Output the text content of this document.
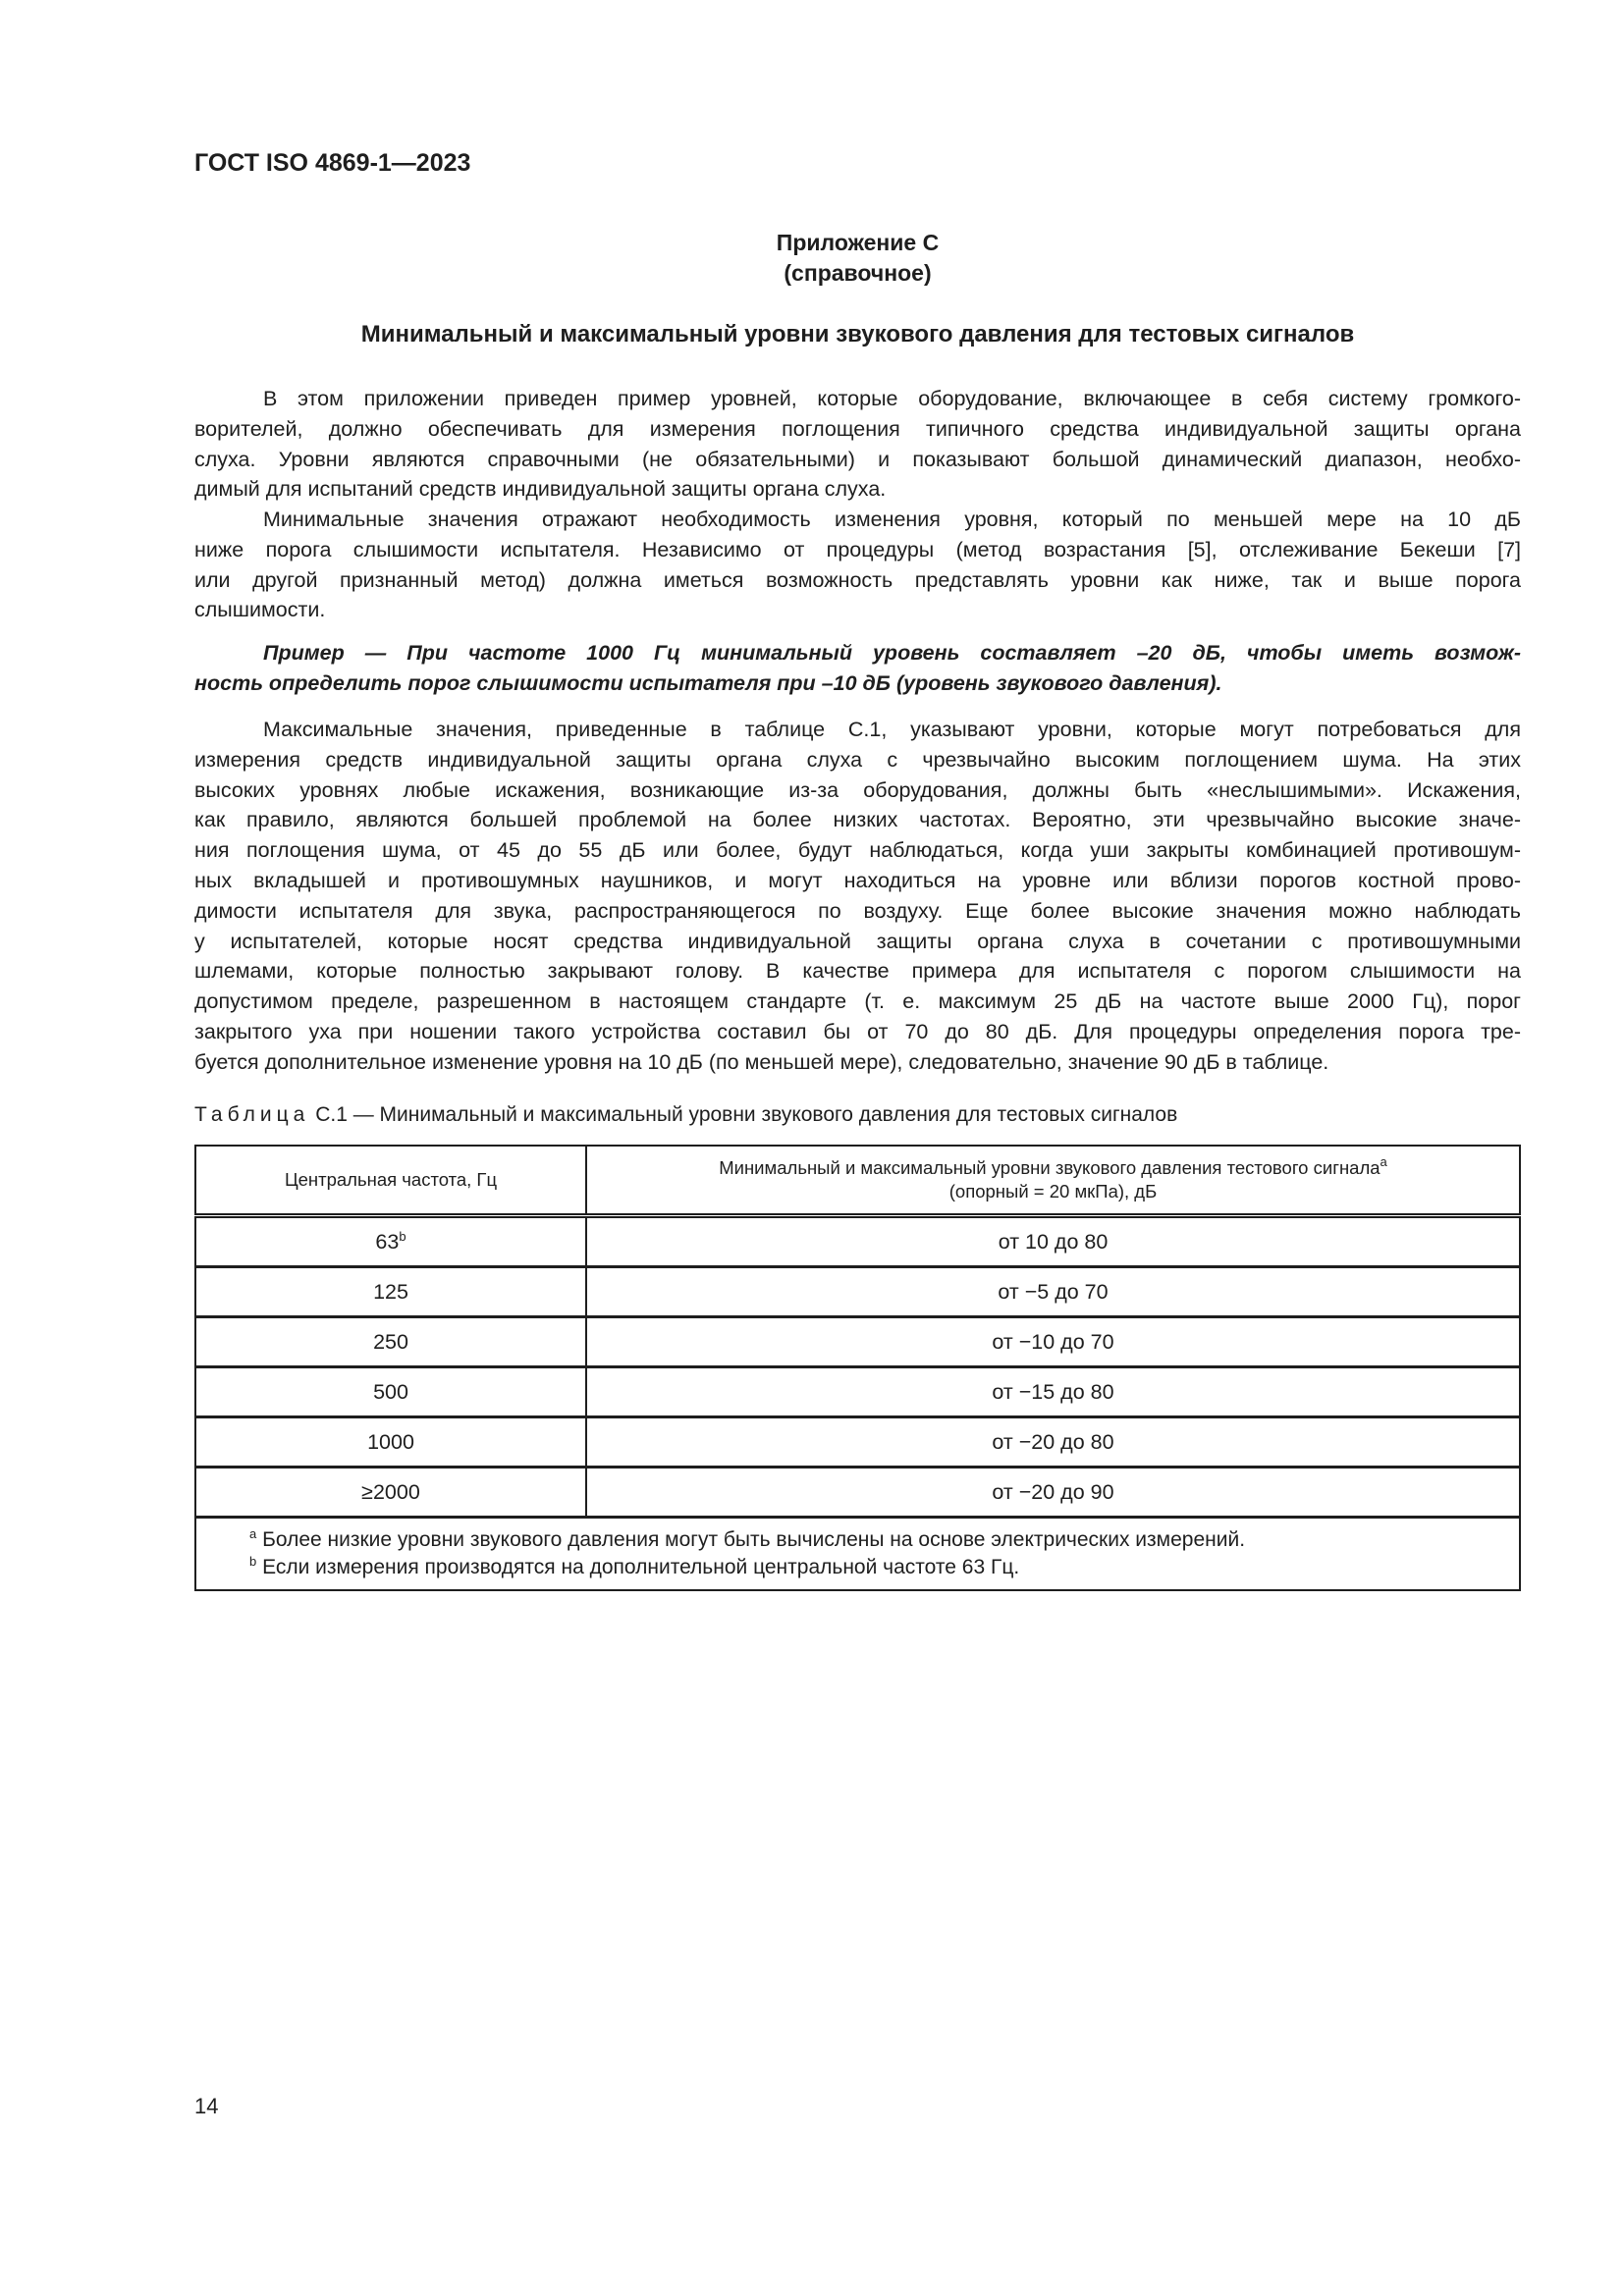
ГОСТ ISO 4869-1—2023
Приложение С
(справочное)
Минимальный и максимальный уровни звукового давления для тестовых сигналов
В этом приложении приведен пример уровней, которые оборудование, включающее в себя систему громкого-
ворителей, должно обеспечивать для измерения поглощения типичного средства индивидуальной защиты органа
слуха. Уровни являются справочными (не обязательными) и показывают большой динамический диапазон, необхо-
димый для испытаний средств индивидуальной защиты органа слуха.
Минимальные значения отражают необходимость изменения уровня, который по меньшей мере на 10 дБ
ниже порога слышимости испытателя. Независимо от процедуры (метод возрастания [5], отслеживание Бекеши [7]
или другой признанный метод) должна иметься возможность представлять уровни как ниже, так и выше порога
слышимости.
Пример — При частоте 1000 Гц минимальный уровень составляет –20 дБ, чтобы иметь возмож-
ность определить порог слышимости испытателя при –10 дБ (уровень звукового давления).
Максимальные значения, приведенные в таблице С.1, указывают уровни, которые могут потребоваться для
измерения средств индивидуальной защиты органа слуха с чрезвычайно высоким поглощением шума. На этих
высоких уровнях любые искажения, возникающие из-за оборудования, должны быть «неслышимыми». Искажения,
как правило, являются большей проблемой на более низких частотах. Вероятно, эти чрезвычайно высокие значе-
ния поглощения шума, от 45 до 55 дБ или более, будут наблюдаться, когда уши закрыты комбинацией противошум-
ных вкладышей и противошумных наушников, и могут находиться на уровне или вблизи порогов костной прово-
димости испытателя для звука, распространяющегося по воздуху. Еще более высокие значения можно наблюдать
у испытателей, которые носят средства индивидуальной защиты органа слуха в сочетании с противошумными
шлемами, которые полностью закрывают голову. В качестве примера для испытателя с порогом слышимости на
допустимом пределе, разрешенном в настоящем стандарте (т. е. максимум 25 дБ на частоте выше 2000 Гц), порог
закрытого уха при ношении такого устройства составил бы от 70 до 80 дБ. Для процедуры определения порога тре-
буется дополнительное изменение уровня на 10 дБ (по меньшей мере), следовательно, значение 90 дБ в таблице.
Таблица С.1 — Минимальный и максимальный уровни звукового давления для тестовых сигналов
Центральная частота, Гц	Минимальный и максимальный уровни звукового давления тестового сигнала$^a$
(опорный = 20 мкПа), дБ
63$^b$	от 10 до 80
125	от −5 до 70
250	от −10 до 70
500	от −15 до 80
1000	от −20 до 80
≥2000	от −20 до 90

$^a$ Более низкие уровни звукового давления могут быть вычислены на основе электрических измерений.
$^b$ Если измерения производятся на дополнительной центральной частоте 63 Гц.	
14
